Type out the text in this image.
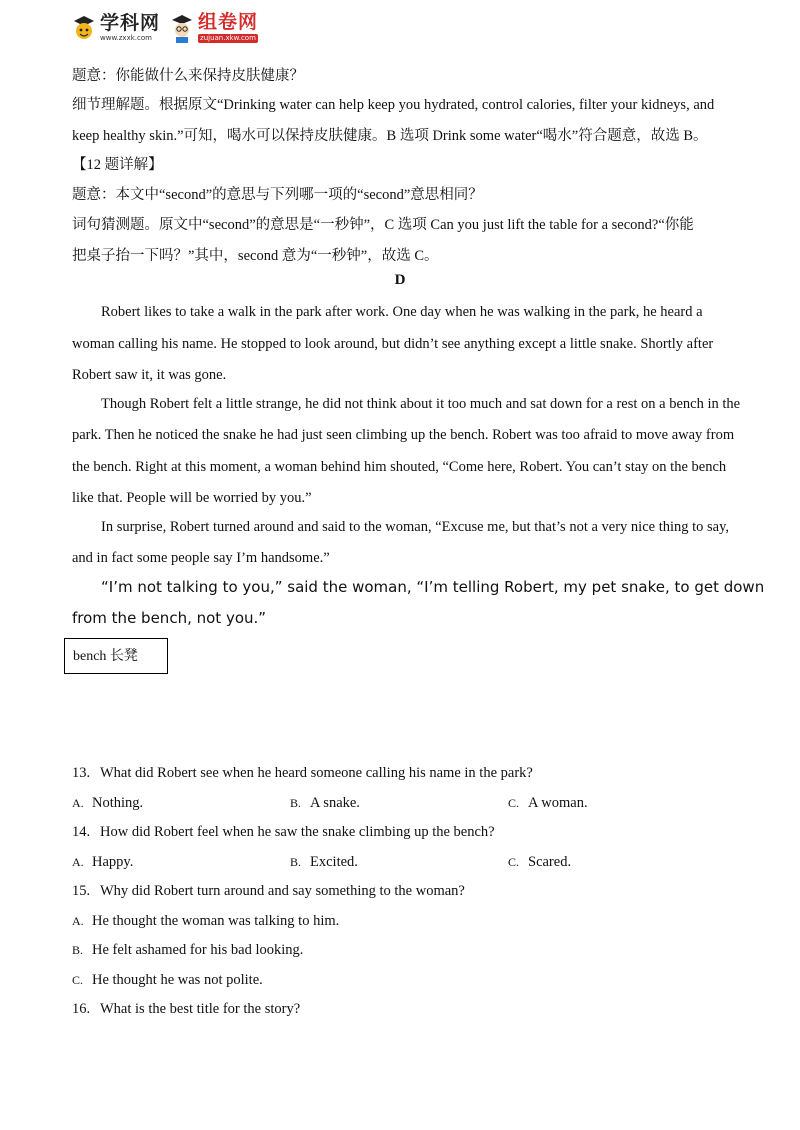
学科网
www.zxxk.com
组卷网
zujuan.xkw.com
题意：你能做什么来保持皮肤健康？
细节理解题。根据原文“Drinking water can help keep you hydrated, control calories, filter your kidneys, and
keep healthy skin.”可知，喝水可以保持皮肤健康。B 选项 Drink some water“喝水”符合题意，故选 B。
【12 题详解】
题意：本文中“second”的意思与下列哪一项的“second”意思相同？
词句猜测题。原文中“second”的意思是“一秒钟”，C 选项 Can you just lift the table for a second?“你能
把桌子抬一下吗？”其中，second 意为“一秒钟”，故选 C。
D
Robert likes to take a walk in the park after work. One day when he was walking in the park, he heard a
woman calling his name. He stopped to look around, but didn’t see anything except a little snake. Shortly after
Robert saw it, it was gone.
Though Robert felt a little strange, he did not think about it too much and sat down for a rest on a bench in the
park. Then he noticed the snake he had just seen climbing up the bench. Robert was too afraid to move away from
the bench. Right at this moment, a woman behind him shouted, “Come here, Robert. You can’t stay on the bench
like that. People will be worried by you.”
In surprise, Robert turned around and said to the woman, “Excuse me, but that’s not a very nice thing to say,
and in fact some people say I’m handsome.”
“I’m not talking to you,” said the woman, “I’m telling Robert, my pet snake, to get down
from the bench, not you.”
bench 长凳
13. What did Robert see when he heard someone calling his name in the park?
A. Nothing.	B. A snake.	C. A woman.
14. How did Robert feel when he saw the snake climbing up the bench?
A. Happy.	B. Excited.	C. Scared.
15. Why did Robert turn around and say something to the woman?
A. He thought the woman was talking to him.
B. He felt ashamed for his bad looking.
C. He thought he was not polite.
16. What is the best title for the story?
